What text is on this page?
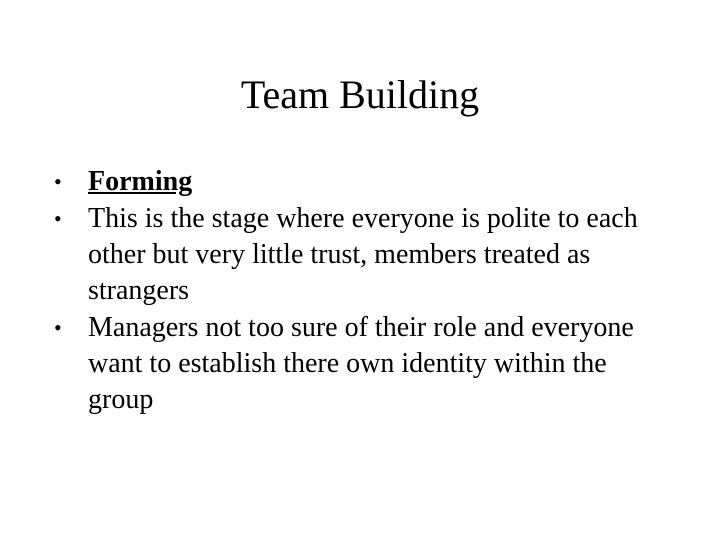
Team Building
• Forming
• This is the stage where everyone is polite to each other but very little trust, members treated as strangers
• Managers not too sure of their role and everyone want to establish there own identity within the group
